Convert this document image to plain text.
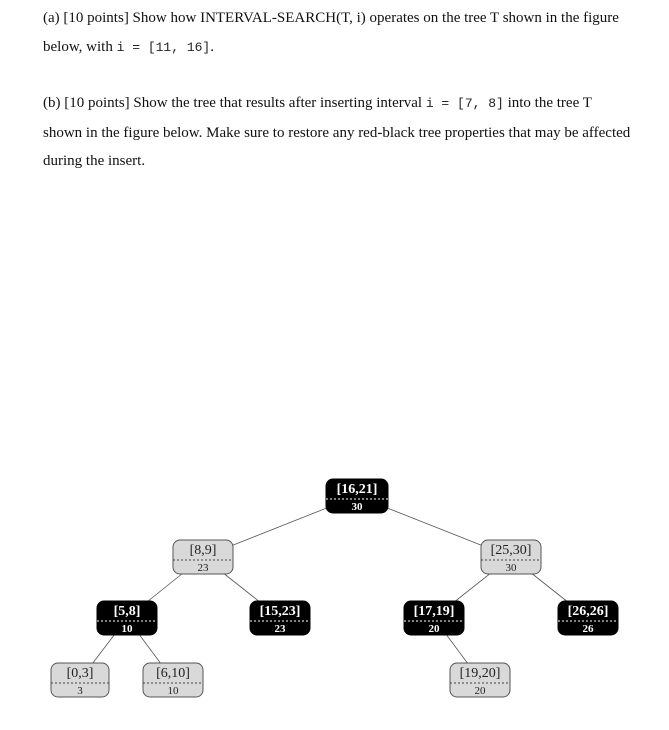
(a) [10 points] Show how INTERVAL-SEARCH(T, i) operates on the tree T shown in the figure below, with i = [11, 16].
(b) [10 points] Show the tree that results after inserting interval i = [7, 8] into the tree T shown in the figure below. Make sure to restore any red-black tree properties that may be affected during the insert.
[16,21]
30
[8,9]
23
[25,30]
30
[5,8]
10
[15,23]
23
[17,19]
20
[26,26]
26
[0,3]
3
[6,10]
10
[19,20]
20
